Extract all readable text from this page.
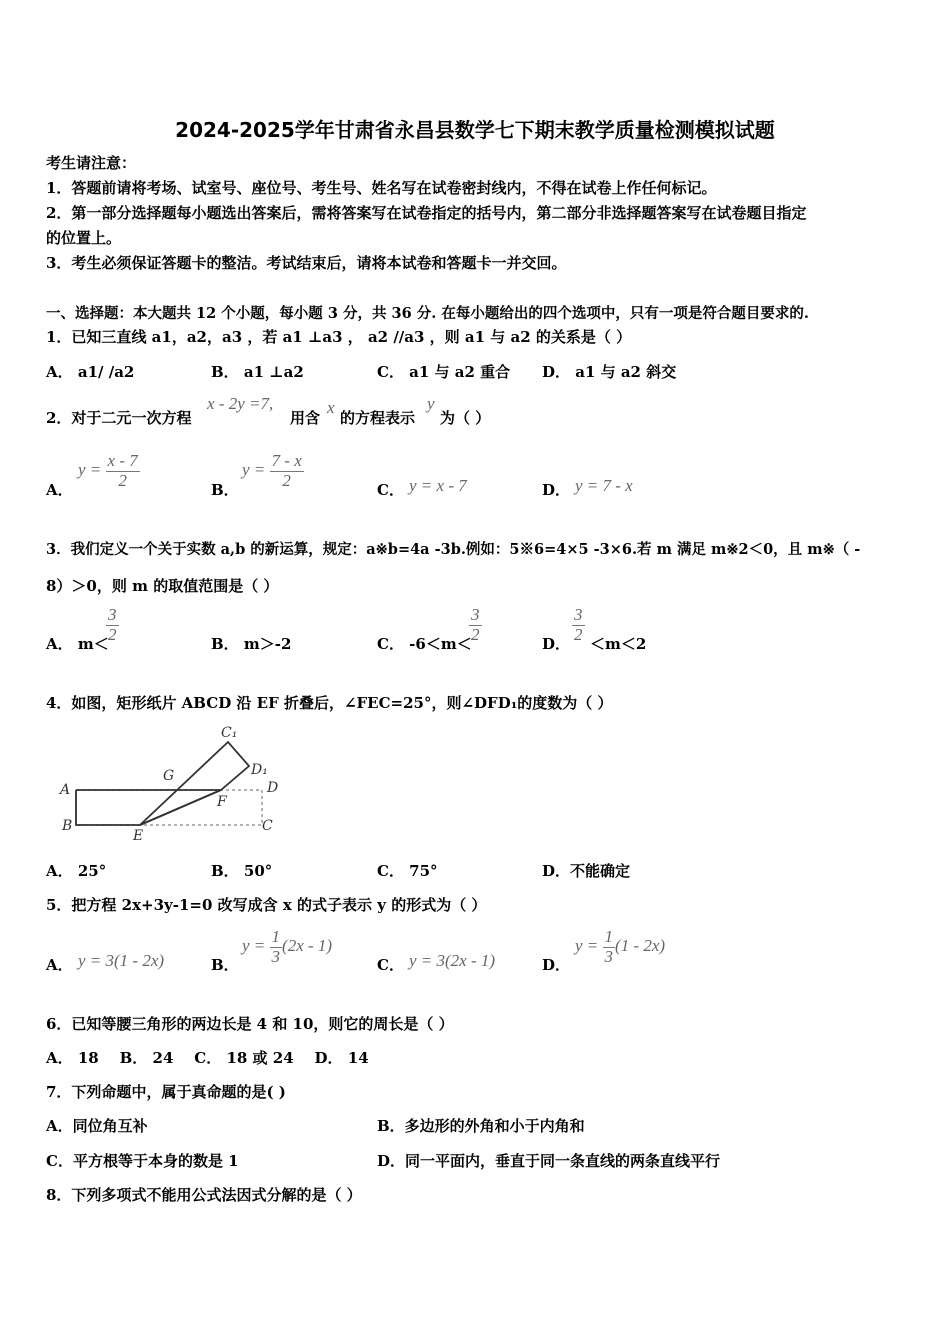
2024-2025学年甘肃省永昌县数学七下期末教学质量检测模拟试题
考生请注意：
1．答题前请将考场、试室号、座位号、考生号、姓名写在试卷密封线内，不得在试卷上作任何标记。
2．第一部分选择题每小题选出答案后，需将答案写在试卷指定的括号内，第二部分非选择题答案写在试卷题目指定
的位置上。
3．考生必须保证答题卡的整洁。考试结束后，请将本试卷和答题卡一并交回。
一、选择题：本大题共 12 个小题，每小题 3 分，共 36 分. 在每小题给出的四个选项中，只有一项是符合题目要求的.
1．已知三直线 a1，a2，a3 ，若 a1 ⊥a3 ， a2 //a3 ，则 a1 与 a2 的关系是（ ）
A． a1/ /a2	B． a1 ⊥a2	C． a1 与 a2 重合 D． a1 与 a2 斜交
2．对于二元一次方程
x - 2y =7,
用含
x
的方程表示
y
为（ ）
A．
$y = \frac{x - 7}{2}$	B．
$y = \frac{7 - x}{2}$	C． y = x - 7	D． y = 7 - x
3．我们定义一个关于实数 a,b 的新运算，规定：a※b=4a -3b.例如：5※6=4×5 -3×6.若 m 满足 m※2＜0，且 m※（ -
8）＞0，则 m 的取值范围是（ ）
A． m＜
$\frac{3}{2}$	B． m＞-2	C． -6＜m＜
$\frac{3}{2}$	D． $\frac{3}{2} <m<2$
4．如图，矩形纸片 ABCD 沿 EF 折叠后，∠FEC=25°，则∠DFD₁的度数为（ ）
A
B
E
C
D
F
G
C₁
D₁
A． 25°	B． 50°	C． 75°	D．不能确定
5．把方程 2x+3y-1=0 改写成含 x 的式子表示 y 的形式为（ ）
A． y = 3(1 - 2x)	B．
$y = \frac{1}{3} (2x - 1)$
C． y = 3(2x - 1)	D．
$y = \frac{1}{3} (1 - 2x)$
6．已知等腰三角形的两边长是 4 和 10，则它的周长是（ ）
A． 18    B． 24    C． 18 或 24    D． 14
7．下列命题中，属于真命题的是( )
A．同位角互补	B．多边形的外角和小于内角和
C．平方根等于本身的数是 1	D．同一平面内，垂直于同一条直线的两条直线平行
8．下列多项式不能用公式法因式分解的是（ ）
